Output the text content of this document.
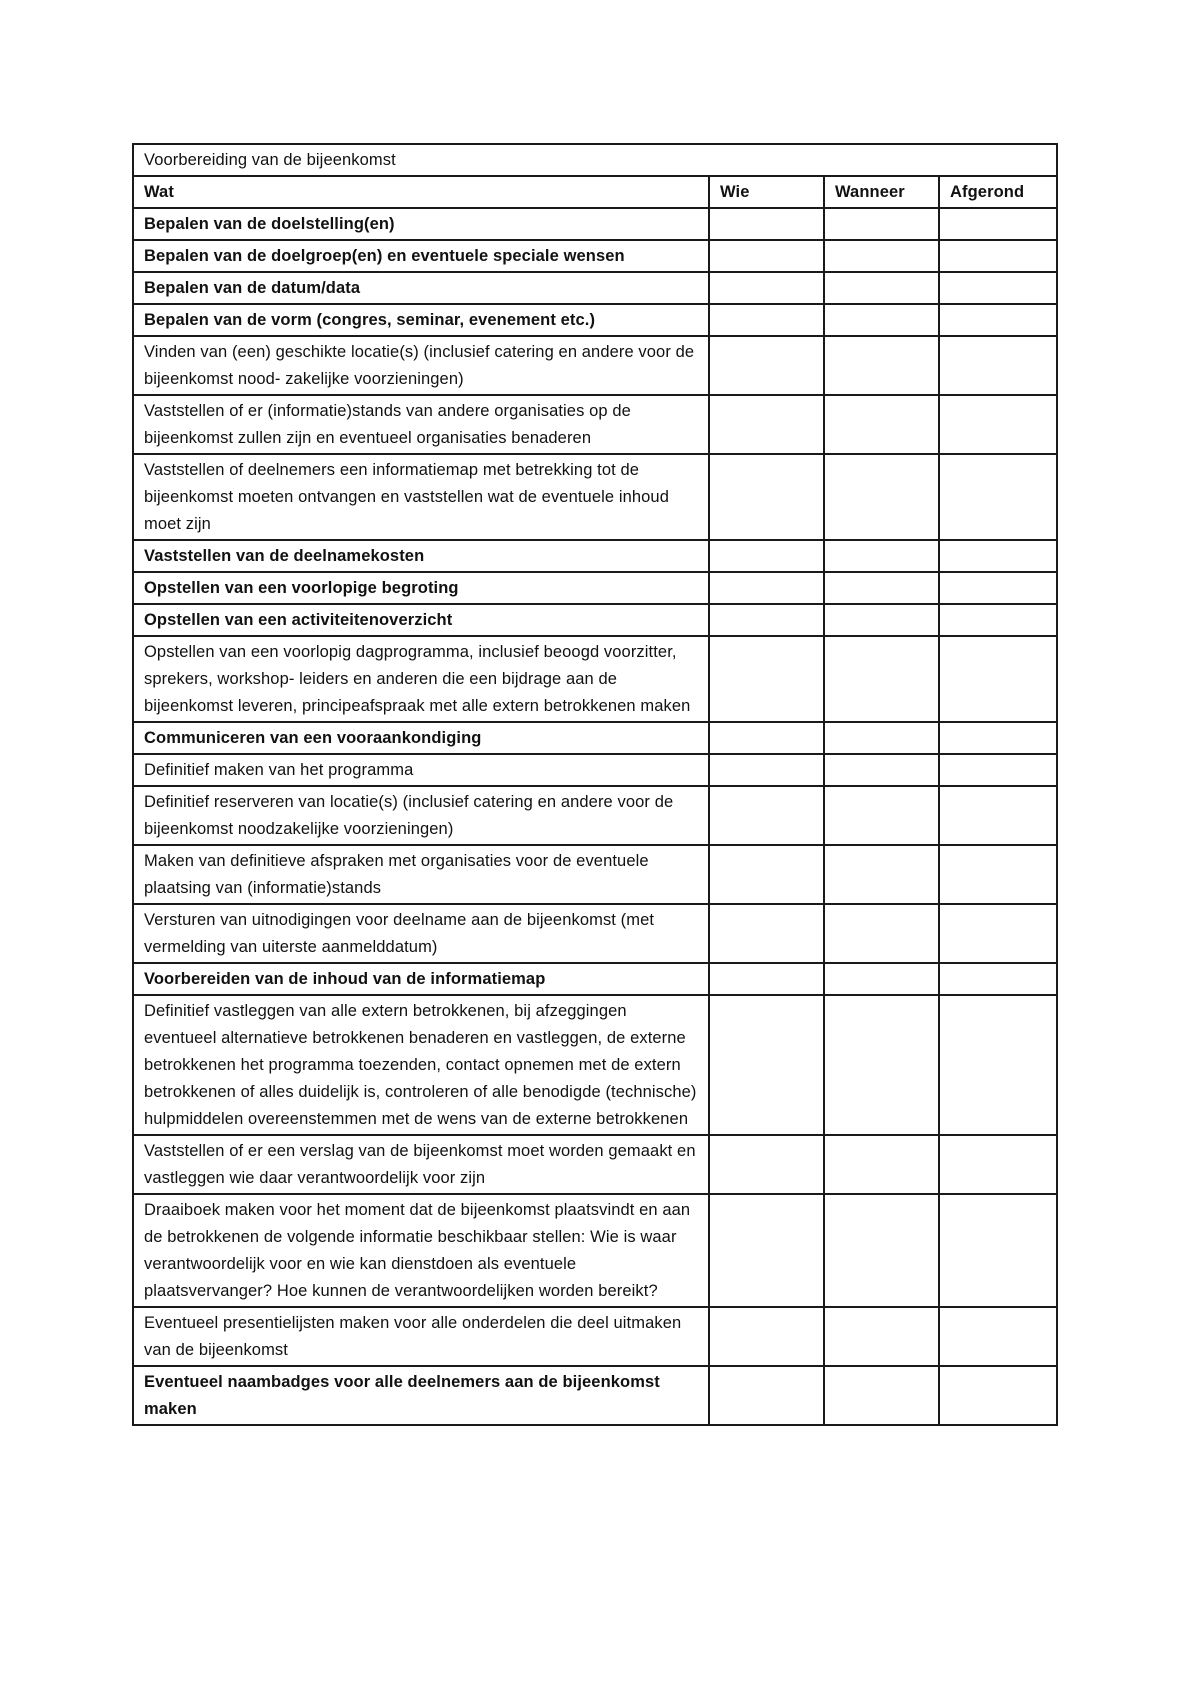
Voorbereiding van de bijeenkomst			
Wat	Wie	Wanneer	Afgerond
Bepalen van de doelstelling(en)			
Bepalen van de doelgroep(en) en eventuele speciale wensen			
Bepalen van de datum/data			
Bepalen van de vorm (congres, seminar, evenement etc.)			
Vinden van (een) geschikte locatie(s) (inclusief catering en andere voor de bijeenkomst nood- zakelijke voorzieningen)			
Vaststellen of er (informatie)stands van andere organisaties op de bijeenkomst zullen zijn en eventueel organisaties benaderen			
Vaststellen of deelnemers een informatiemap met betrekking tot de bijeenkomst moeten ontvangen en vaststellen wat de eventuele inhoud moet zijn			
Vaststellen van de deelnamekosten			
Opstellen van een voorlopige begroting			
Opstellen van een activiteitenoverzicht			
Opstellen van een voorlopig dagprogramma, inclusief beoogd voorzitter, sprekers, workshop- leiders en anderen die een bijdrage aan de bijeenkomst leveren, principeafspraak met alle extern betrokkenen maken			
Communiceren van een vooraankondiging			
Definitief maken van het programma			
Definitief reserveren van locatie(s) (inclusief catering en andere voor de bijeenkomst noodzakelijke voorzieningen)			
Maken van definitieve afspraken met organisaties voor de eventuele plaatsing van (informatie)stands			
Versturen van uitnodigingen voor deelname aan de bijeenkomst (met vermelding van uiterste aanmelddatum)			
Voorbereiden van de inhoud van de informatiemap			
Definitief vastleggen van alle extern betrokkenen, bij afzeggingen eventueel alternatieve betrokkenen benaderen en vastleggen, de externe betrokkenen het programma toezenden, contact opnemen met de extern betrokkenen of alles duidelijk is, controleren of alle benodigde (technische) hulpmiddelen overeenstemmen met de wens van de externe betrokkenen			
Vaststellen of er een verslag van de bijeenkomst moet worden gemaakt en vastleggen wie daar verantwoordelijk voor zijn			
Draaiboek maken voor het moment dat de bijeenkomst plaatsvindt en aan de betrokkenen de volgende informatie beschikbaar stellen: Wie is waar verantwoordelijk voor en wie kan dienstdoen als eventuele plaatsvervanger? Hoe kunnen de verantwoordelijken worden bereikt?			
Eventueel presentielijsten maken voor alle onderdelen die deel uitmaken van de bijeenkomst			
Eventueel naambadges voor alle deelnemers aan de bijeenkomst maken			
